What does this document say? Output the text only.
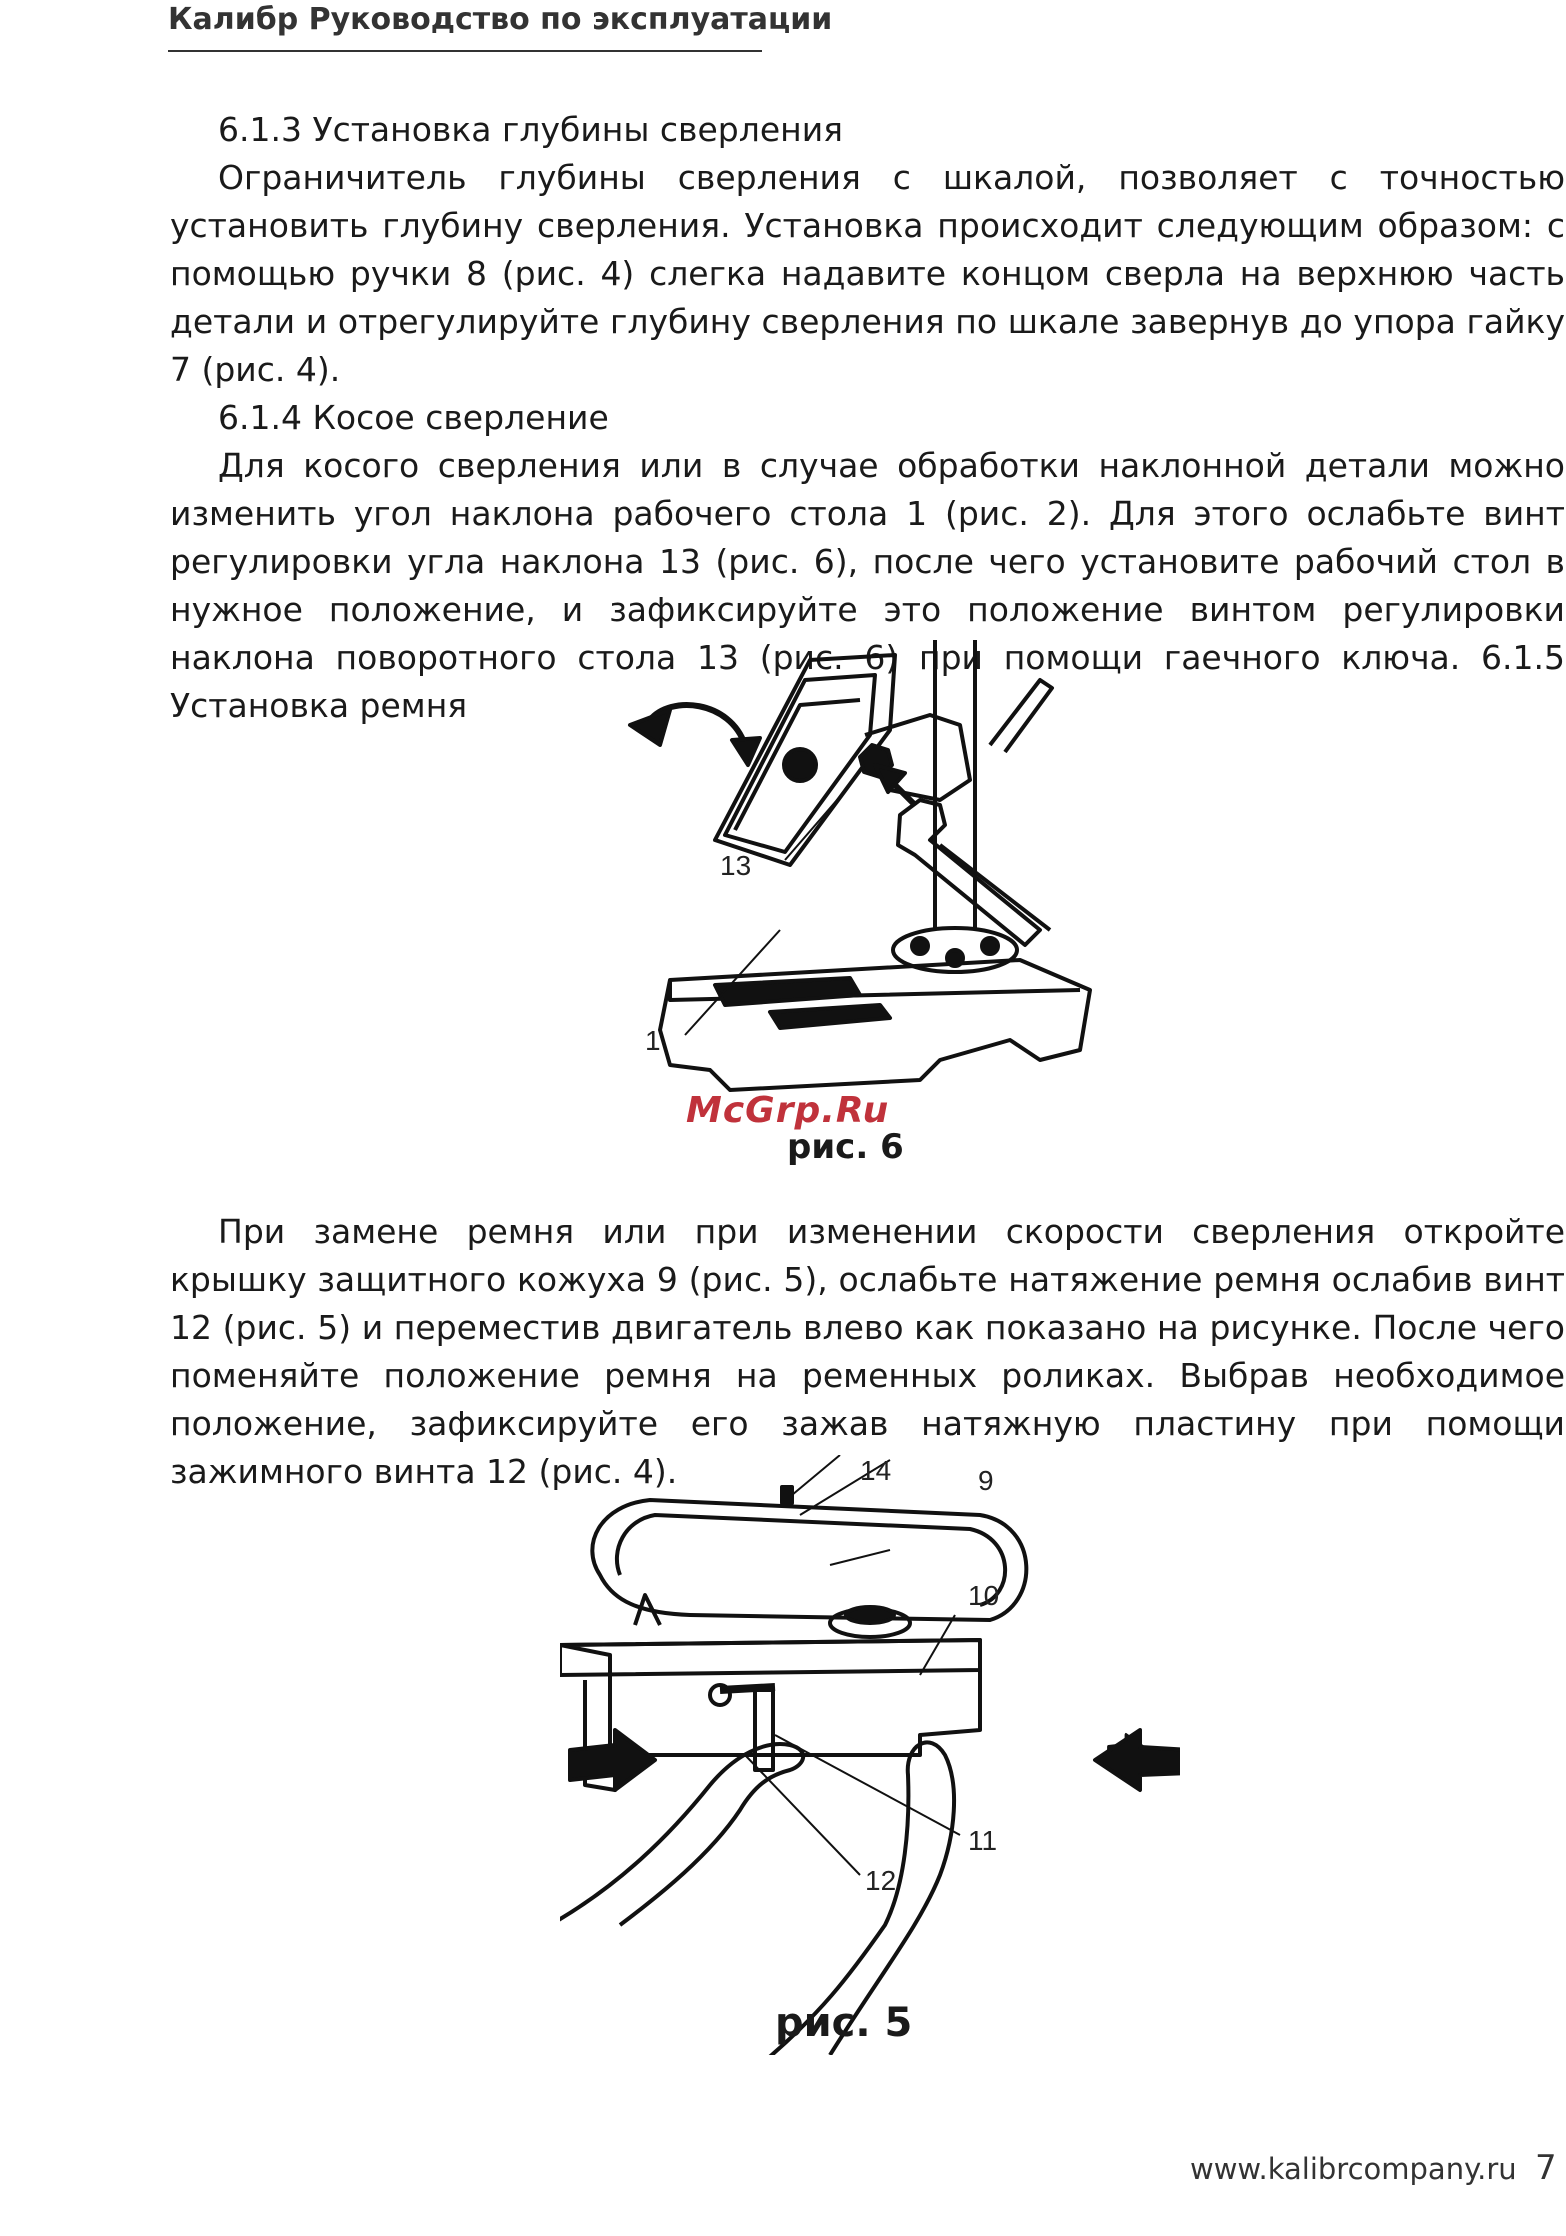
Калибр Руководство по эксплуатации

6.1.3 Установка глубины сверления

Ограничитель глубины сверления с шкалой, позволяет с точностью установить глубину сверления. Установка происходит следующим образом: с помощью ручки 8 (рис. 4) слегка надавите концом сверла на верхнюю часть детали и отрегулируйте глубину сверления по шкале завернув до упора гайку 7 (рис. 4).

6.1.4 Косое сверление

Для косого сверления или в случае обработки наклонной детали можно изменить угол наклона рабочего стола 1 (рис. 2). Для этого ослабьте винт регулировки угла наклона 13 (рис. 6), после чего установите рабочий стол в нужное положение, и зафиксируйте это положение винтом регулировки наклона поворотного стола 13 (рис. 6) при помощи гаечного ключа. 6.1.5 Установка ремня

1
13
McGrp.Ru
рис. 6

При замене ремня или при изменении скорости сверления откройте крышку защитного кожуха 9 (рис. 5), ослабьте натяжение ремня ослабив винт 12 (рис. 5) и переместив двигатель влево как показано на рисунке. После чего поменяйте положение ремня на ременных роликах. Выбрав необходимое положение, зафиксируйте его зажав натяжную пластину при помощи зажимного винта 12 (рис. 4).	14	9
10
11
12
рис. 5
www.kalibrcompany.ru 7
